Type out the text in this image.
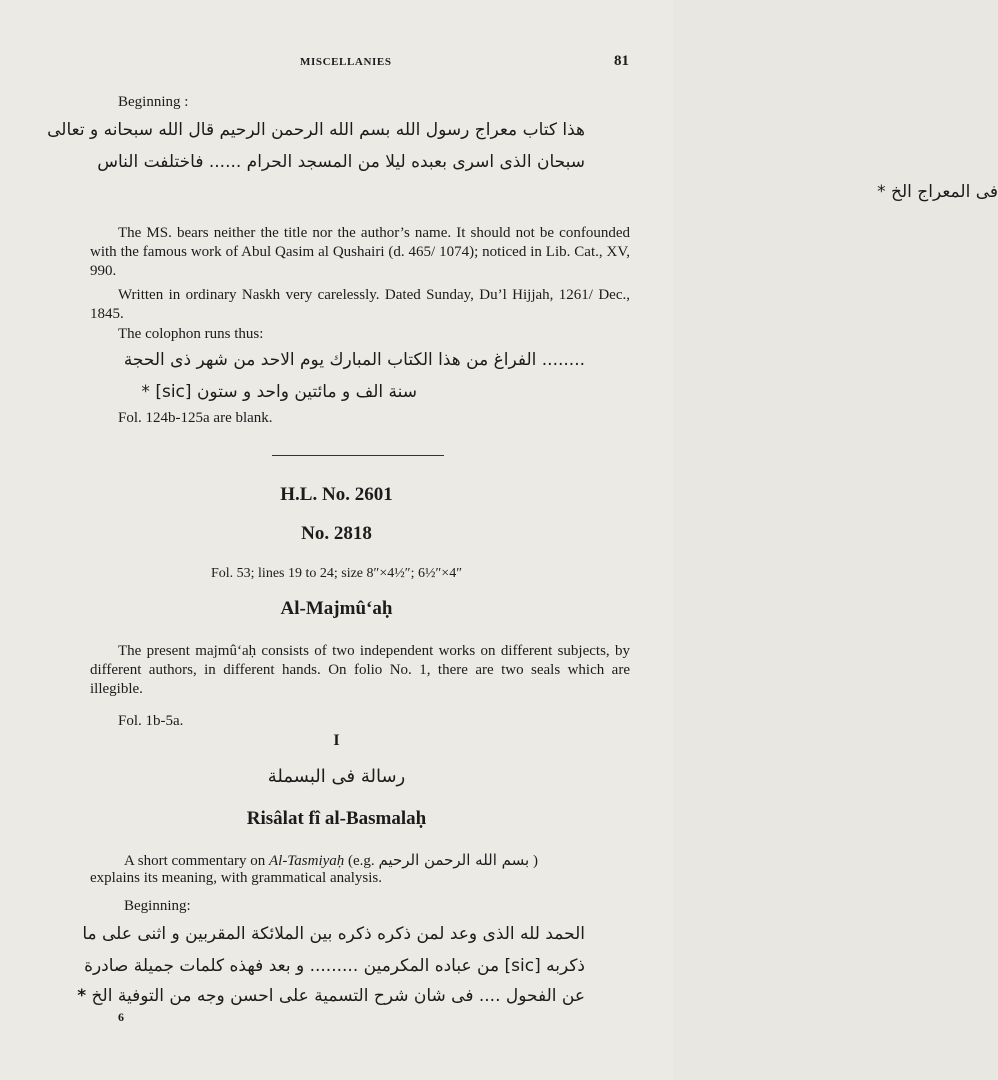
MISCELLANIES	81
Beginning :
هذا كتاب معراج رسول الله بسم الله الرحمن الرحيم قال الله سبحانه و تعالى
سبحان الذى اسرى بعبده ليلا من المسجد الحرام ...... فاختلفت الناس
فى المعراج الخ *
The MS. bears neither the title nor the author’s name. It should not be confounded with the famous work of Abul Qasim al Qushairi (d. 465/ 1074); noticed in Lib. Cat., XV, 990.
Written in ordinary Naskh very carelessly. Dated Sunday, Du’l Hijjah, 1261/ Dec., 1845.
The colophon runs thus:
........ الفراغ من هذا الكتاب المبارك يوم الاحد من شهر ذى الحجة
سنة الف و مائتين واحد و ستون [sic] *
Fol. 124b-125a are blank.
H.L. No. 2601
No. 2818
Fol. 53; lines 19 to 24; size 8″×4½″; 6½″×4″
Al-Majmû‘aḥ
The present majmû‘aḥ consists of two independent works on different subjects, by different authors, in different hands. On folio No. 1, there are two seals which are illegible.
Fol. 1b-5a.
I
رسالة فى البسملة
Risâlat fî al-Basmalaḥ
A short commentary on Al-Tasmiyaḥ (e.g. بسم الله الرحمن الرحيم )
explains its meaning, with grammatical analysis.
Beginning:
الحمد لله الذى وعد لمن ذكره ذكره بين الملائكة المقربين و اثنى على ما
ذكربه [sic] من عباده المكرمين ......... و بعد فهذه كلمات جميلة صادرة
عن الفحول .... فى شان شرح التسمية على احسن وجه من التوفية الخ *
6
